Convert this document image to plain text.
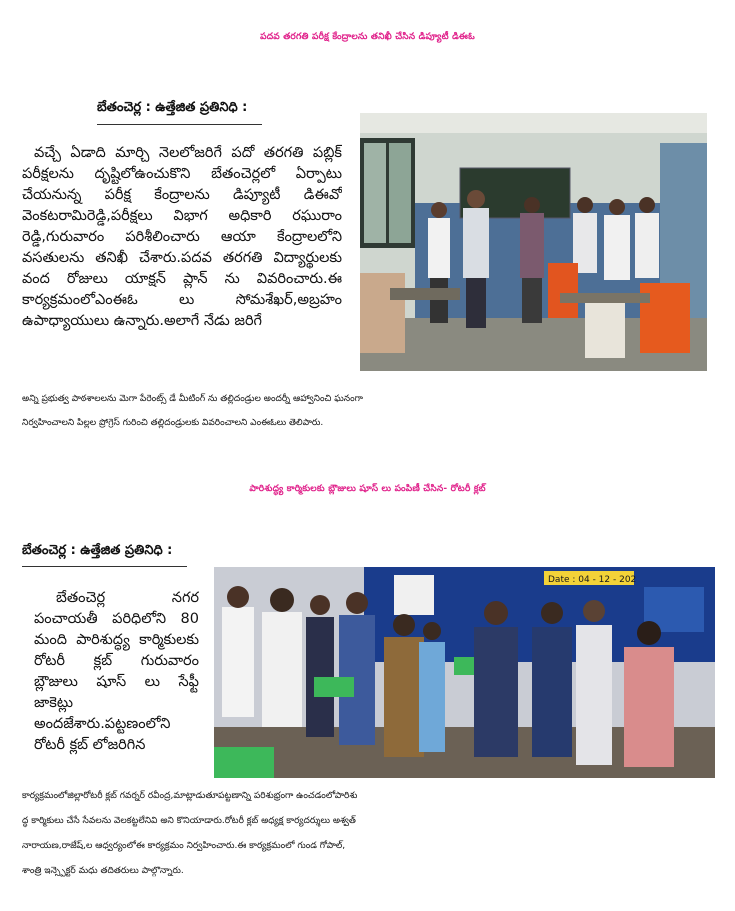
పదవ తరగతి పరీక్ష కేంద్రాలను తనిఖీ చేసిన డిప్యూటీ డిఈఓ
బేతంచెర్ల : ఉత్తేజిత ప్రతినిధి :
వచ్చే ఏడాది మార్చి నెలలోజరిగే పదో తరగతి పబ్లిక్ పరీక్షలను దృష్టిలోఉంచుకొని బేతంచెర్లలో ఏర్పాటు చేయనున్న పరీక్ష కేంద్రాలను డిప్యూటీ డిఈవో వెంకటరామిరెడ్డి,పరీక్షలు విభాగ అధికారి రఘురాం రెడ్డి,గురువారం పరిశీలించారు ఆయా కేంద్రాలలోని వసతులను తనిఖీ చేశారు.పదవ తరగతి విద్యార్థులకు వంద రోజులు యాక్షన్ ప్లాన్ ను వివరించారు.ఈ కార్యక్రమంలోఎంఈఓ లు సోమశేఖర్,అబ్రహం ఉపాధ్యాయులు ఉన్నారు.అలాగే నేడు జరిగే
అన్ని ప్రభుత్వ పాఠశాలలను మెగా పేరెంట్స్ డే మీటింగ్ ను తల్లిదండ్రుల అందర్నీ ఆహ్వానించి ఘనంగా
నిర్వహించాలని పిల్లల ప్రోగ్రెస్ గురించి తల్లిదండ్రులకు వివరించాలని ఎంఈఓలు తెలిపారు.
పారిశుద్ధ్య కార్మికులకు బ్లౌజులు షూస్ లు పంపిణీ చేసిన- రోటరీ క్లబ్
బేతంచెర్ల : ఉత్తేజిత ప్రతినిధి :
బేతంచెర్ల నగర పంచాయతీ పరిధిలోని 80 మంది పారిశుద్ధ్య కార్మికులకు రోటరీ క్లబ్ గురువారం బ్లౌజులు షూస్ లు సేఫ్టీ జాకెట్లు అందజేశారు.పట్టణంలోని రోటరీ క్లబ్ లోజరిగిన
Date : 04 - 12 - 202
కార్యక్రమంలోజిల్లారోటరీ క్లబ్ గవర్నర్ రవీంద్ర,మాట్లాడుతూపట్టణాన్ని పరిశుభ్రంగా ఉంచడంలోపారిశు
ద్ధ కార్మికులు చేసే సేవలను వెలకట్టలేనివి అని కొనియాడారు.రోటరీ క్లబ్ అధ్యక్ష కార్యదర్శులు అశ్వత్
నారాయణ,రాజేష్,ల ఆధ్వర్యంలోఈ కార్యక్రమం నిర్వహించారు.ఈ కార్యక్రమంలో గుండ గోపాల్,
శాంత్రి ఇన్స్పెక్టర్ మధు తదితరులు పాల్గొన్నారు.
